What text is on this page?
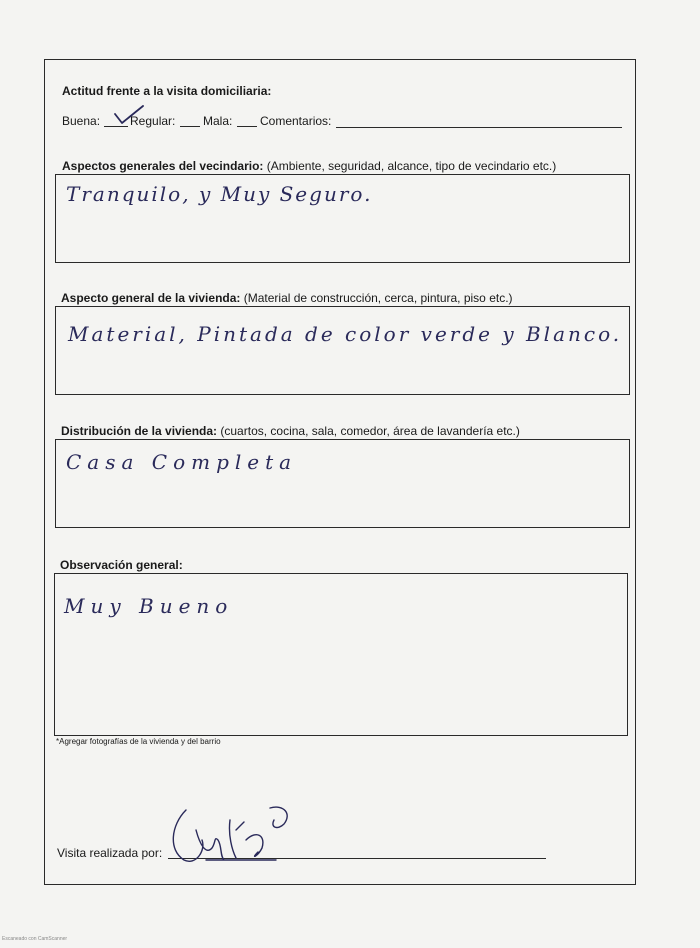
Actitud frente a la visita domiciliaria:
Buena: Regular: Mala: Comentarios:
Aspectos generales del vecindario: (Ambiente, seguridad, alcance, tipo de vecindario etc.)
Tranquilo, y Muy Seguro.
Aspecto general de la vivienda: (Material de construcción, cerca, pintura, piso etc.)
Material, Pintada de color verde y Blanco.
Distribución de la vivienda: (cuartos, cocina, sala, comedor, área de lavandería etc.)
Casa Completa
Observación general:
Muy Bueno
*Agregar fotografías de la vivienda y del barrio
Visita realizada por:
Escaneado con CamScanner
